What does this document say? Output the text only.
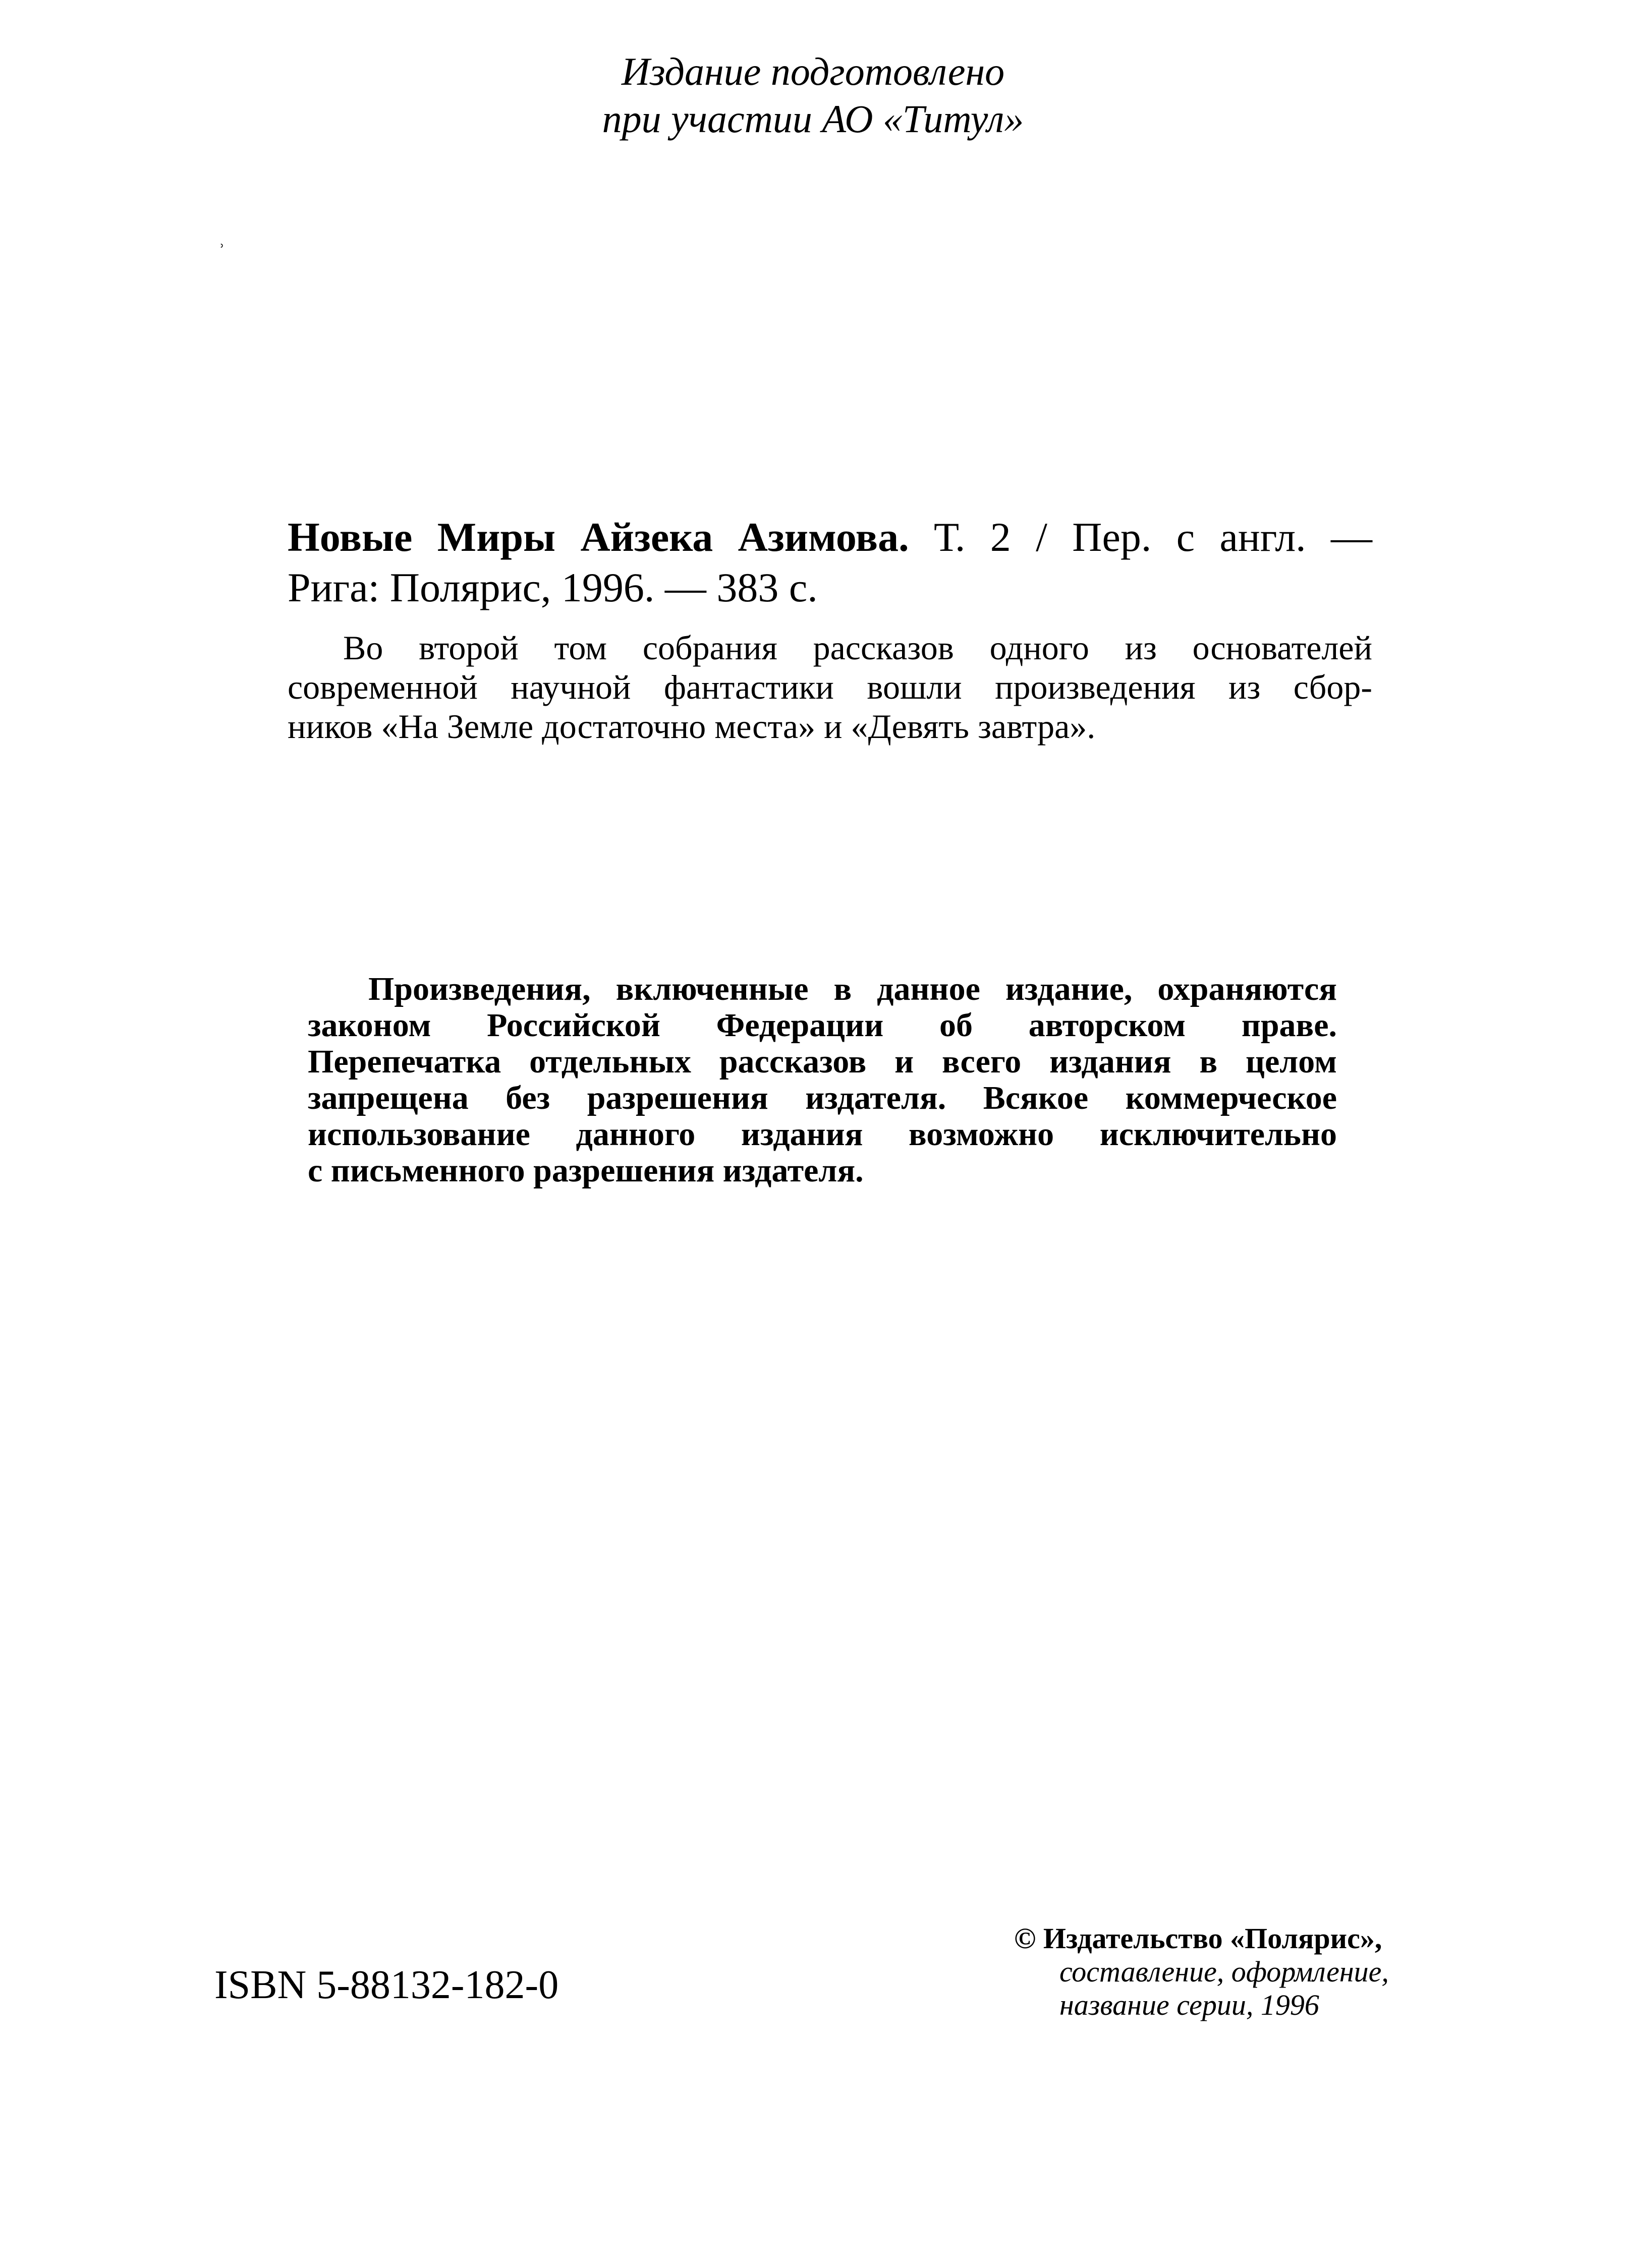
Издание подготовлено
при участии АО «Титул»
˒
Новые Миры Айзека Азимова. Т. 2 / Пер. с англ. —
Рига: Полярис, 1996. — 383 с.
Во второй том собрания рассказов одного из основателей
современной научной фантастики вошли произведения из сбор-
ников «На Земле достаточно места» и «Девять завтра».
Произведения, включенные в данное издание, охраняются
законом Российской Федерации об авторском праве.
Перепечатка отдельных рассказов и всего издания в целом
запрещена без разрешения издателя. Всякое коммерческое
использование данного издания возможно исключительно
с письменного разрешения издателя.
ISBN 5-88132-182-0
© Издательство «Полярис»,
составление, оформление,
название серии, 1996
